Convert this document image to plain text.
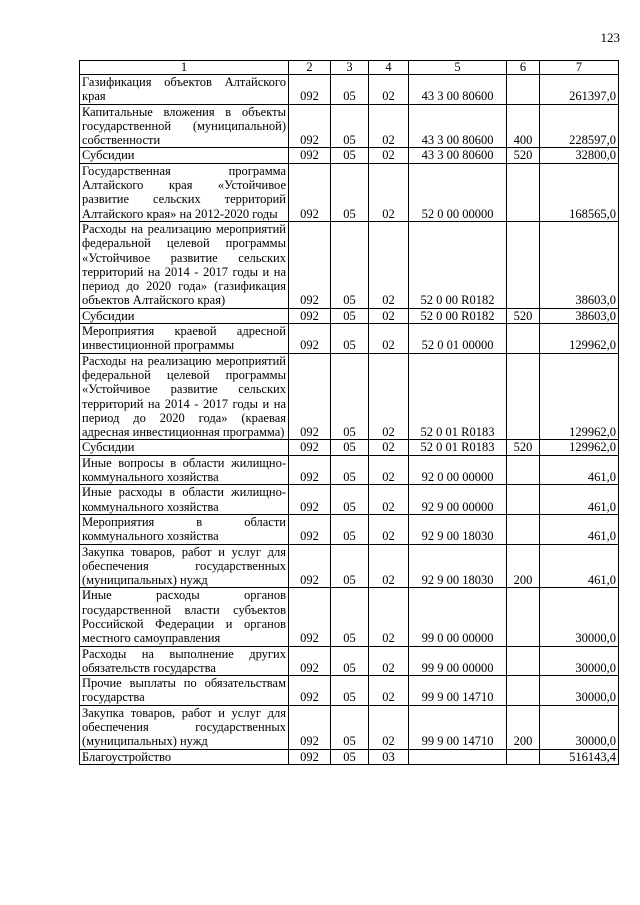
123
1	2	3	4	5	6	7
Газификация объектов Алтайского края	092	05	02	43 3 00 80600		261397,0
Капитальные вложения в объекты государственной (муниципальной) собственности	092	05	02	43 3 00 80600	400	228597,0
Субсидии	092	05	02	43 3 00 80600	520	32800,0
Государственная программа Алтайского края «Устойчивое развитие сельских территорий Алтайского края» на 2012-2020 годы	092	05	02	52 0 00 00000		168565,0
Расходы на реализацию мероприятий федеральной целевой программы «Устойчивое развитие сельских территорий на 2014 - 2017 годы и на период до 2020 года» (газификация объектов Алтайского края)	092	05	02	52 0 00 R0182		38603,0
Субсидии	092	05	02	52 0 00 R0182	520	38603,0
Мероприятия краевой адресной инвестиционной программы	092	05	02	52 0 01 00000		129962,0
Расходы на реализацию мероприятий федеральной целевой программы «Устойчивое развитие сельских территорий на 2014 - 2017 годы и на период до 2020 года» (краевая адресная инвестиционная программа)	092	05	02	52 0 01 R0183		129962,0
Субсидии	092	05	02	52 0 01 R0183	520	129962,0
Иные вопросы в области жилищно-коммунального хозяйства	092	05	02	92 0 00 00000		461,0
Иные расходы в области жилищно-коммунального хозяйства	092	05	02	92 9 00 00000		461,0
Мероприятия в области коммунального хозяйства	092	05	02	92 9 00 18030		461,0
Закупка товаров, работ и услуг для обеспечения государственных (муниципальных) нужд	092	05	02	92 9 00 18030	200	461,0
Иные расходы органов государственной власти субъектов Российской Федерации и органов местного самоуправления	092	05	02	99 0 00 00000		30000,0
Расходы на выполнение других обязательств государства	092	05	02	99 9 00 00000		30000,0
Прочие выплаты по обязательствам государства	092	05	02	99 9 00 14710		30000,0
Закупка товаров, работ и услуг для обеспечения государственных (муниципальных) нужд	092	05	02	99 9 00 14710	200	30000,0
Благоустройство	092	05	03			516143,4
